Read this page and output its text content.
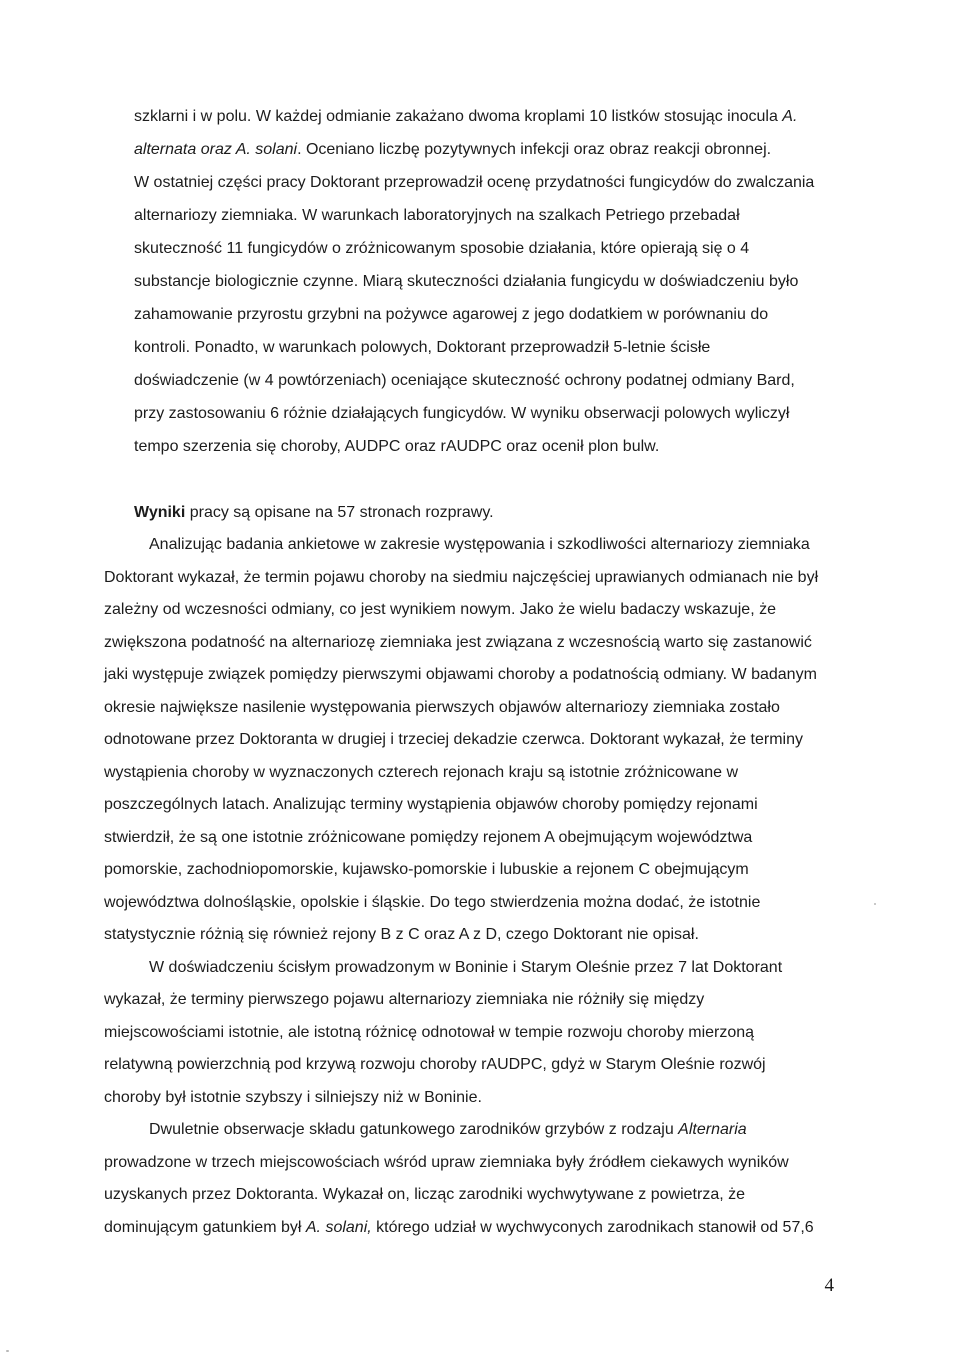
szklarni i w polu. W każdej odmianie zakażano dwoma kroplami 10 listków stosując inocula A.
alternata oraz A. solani. Oceniano liczbę pozytywnych infekcji oraz obraz reakcji obronnej.
W ostatniej części pracy Doktorant przeprowadził ocenę przydatności fungicydów do zwalczania
alternariozy ziemniaka. W warunkach laboratoryjnych na szalkach Petriego przebadał
skuteczność 11 fungicydów o zróżnicowanym sposobie działania, które opierają się o 4
substancje biologicznie czynne. Miarą skuteczności działania fungicydu w doświadczeniu było
zahamowanie przyrostu grzybni na pożywce agarowej z jego dodatkiem w porównaniu do
kontroli. Ponadto, w warunkach polowych, Doktorant przeprowadził 5-letnie ścisłe
doświadczenie (w 4 powtórzeniach) oceniające skuteczność ochrony podatnej odmiany Bard,
przy zastosowaniu 6 różnie działających fungicydów. W wyniku obserwacji polowych wyliczył
tempo szerzenia się choroby, AUDPC oraz rAUDPC oraz ocenił plon bulw.
Wyniki pracy są opisane na 57 stronach rozprawy.
Analizując badania ankietowe w zakresie występowania i szkodliwości alternariozy ziemniaka
Doktorant wykazał, że termin pojawu choroby na siedmiu najczęściej uprawianych odmianach nie był
zależny od wczesności odmiany, co jest wynikiem nowym. Jako że wielu badaczy wskazuje, że
zwiększona podatność na alternariozę ziemniaka jest związana z wczesnością warto się zastanowić
jaki występuje związek pomiędzy pierwszymi objawami choroby a podatnością odmiany. W badanym
okresie największe nasilenie występowania pierwszych objawów alternariozy ziemniaka zostało
odnotowane przez Doktoranta w drugiej i trzeciej dekadzie czerwca. Doktorant wykazał, że terminy
wystąpienia choroby w wyznaczonych czterech rejonach kraju są istotnie zróżnicowane w
poszczególnych latach. Analizując terminy wystąpienia objawów choroby pomiędzy rejonami
stwierdził, że są one istotnie zróżnicowane pomiędzy rejonem A obejmującym województwa
pomorskie, zachodniopomorskie, kujawsko-pomorskie i lubuskie a rejonem C obejmującym
województwa dolnośląskie, opolskie i śląskie. Do tego stwierdzenia można dodać, że istotnie
statystycznie różnią się również rejony B z C oraz A z D, czego Doktorant nie opisał.
W doświadczeniu ścisłym prowadzonym w Boninie i Starym Oleśnie przez 7 lat Doktorant
wykazał, że terminy pierwszego pojawu alternariozy ziemniaka nie różniły się między
miejscowościami istotnie, ale istotną różnicę odnotował w tempie rozwoju choroby mierzoną
relatywną powierzchnią pod krzywą rozwoju choroby rAUDPC, gdyż w Starym Oleśnie rozwój
choroby był istotnie szybszy i silniejszy niż w Boninie.
Dwuletnie obserwacje składu gatunkowego zarodników grzybów z rodzaju Alternaria
prowadzone w trzech miejscowościach wśród upraw ziemniaka były źródłem ciekawych wyników
uzyskanych przez Doktoranta. Wykazał on, licząc zarodniki wychwytywane z powietrza, że
dominującym gatunkiem był A. solani, którego udział w wychwyconych zarodnikach stanowił od 57,6
4
